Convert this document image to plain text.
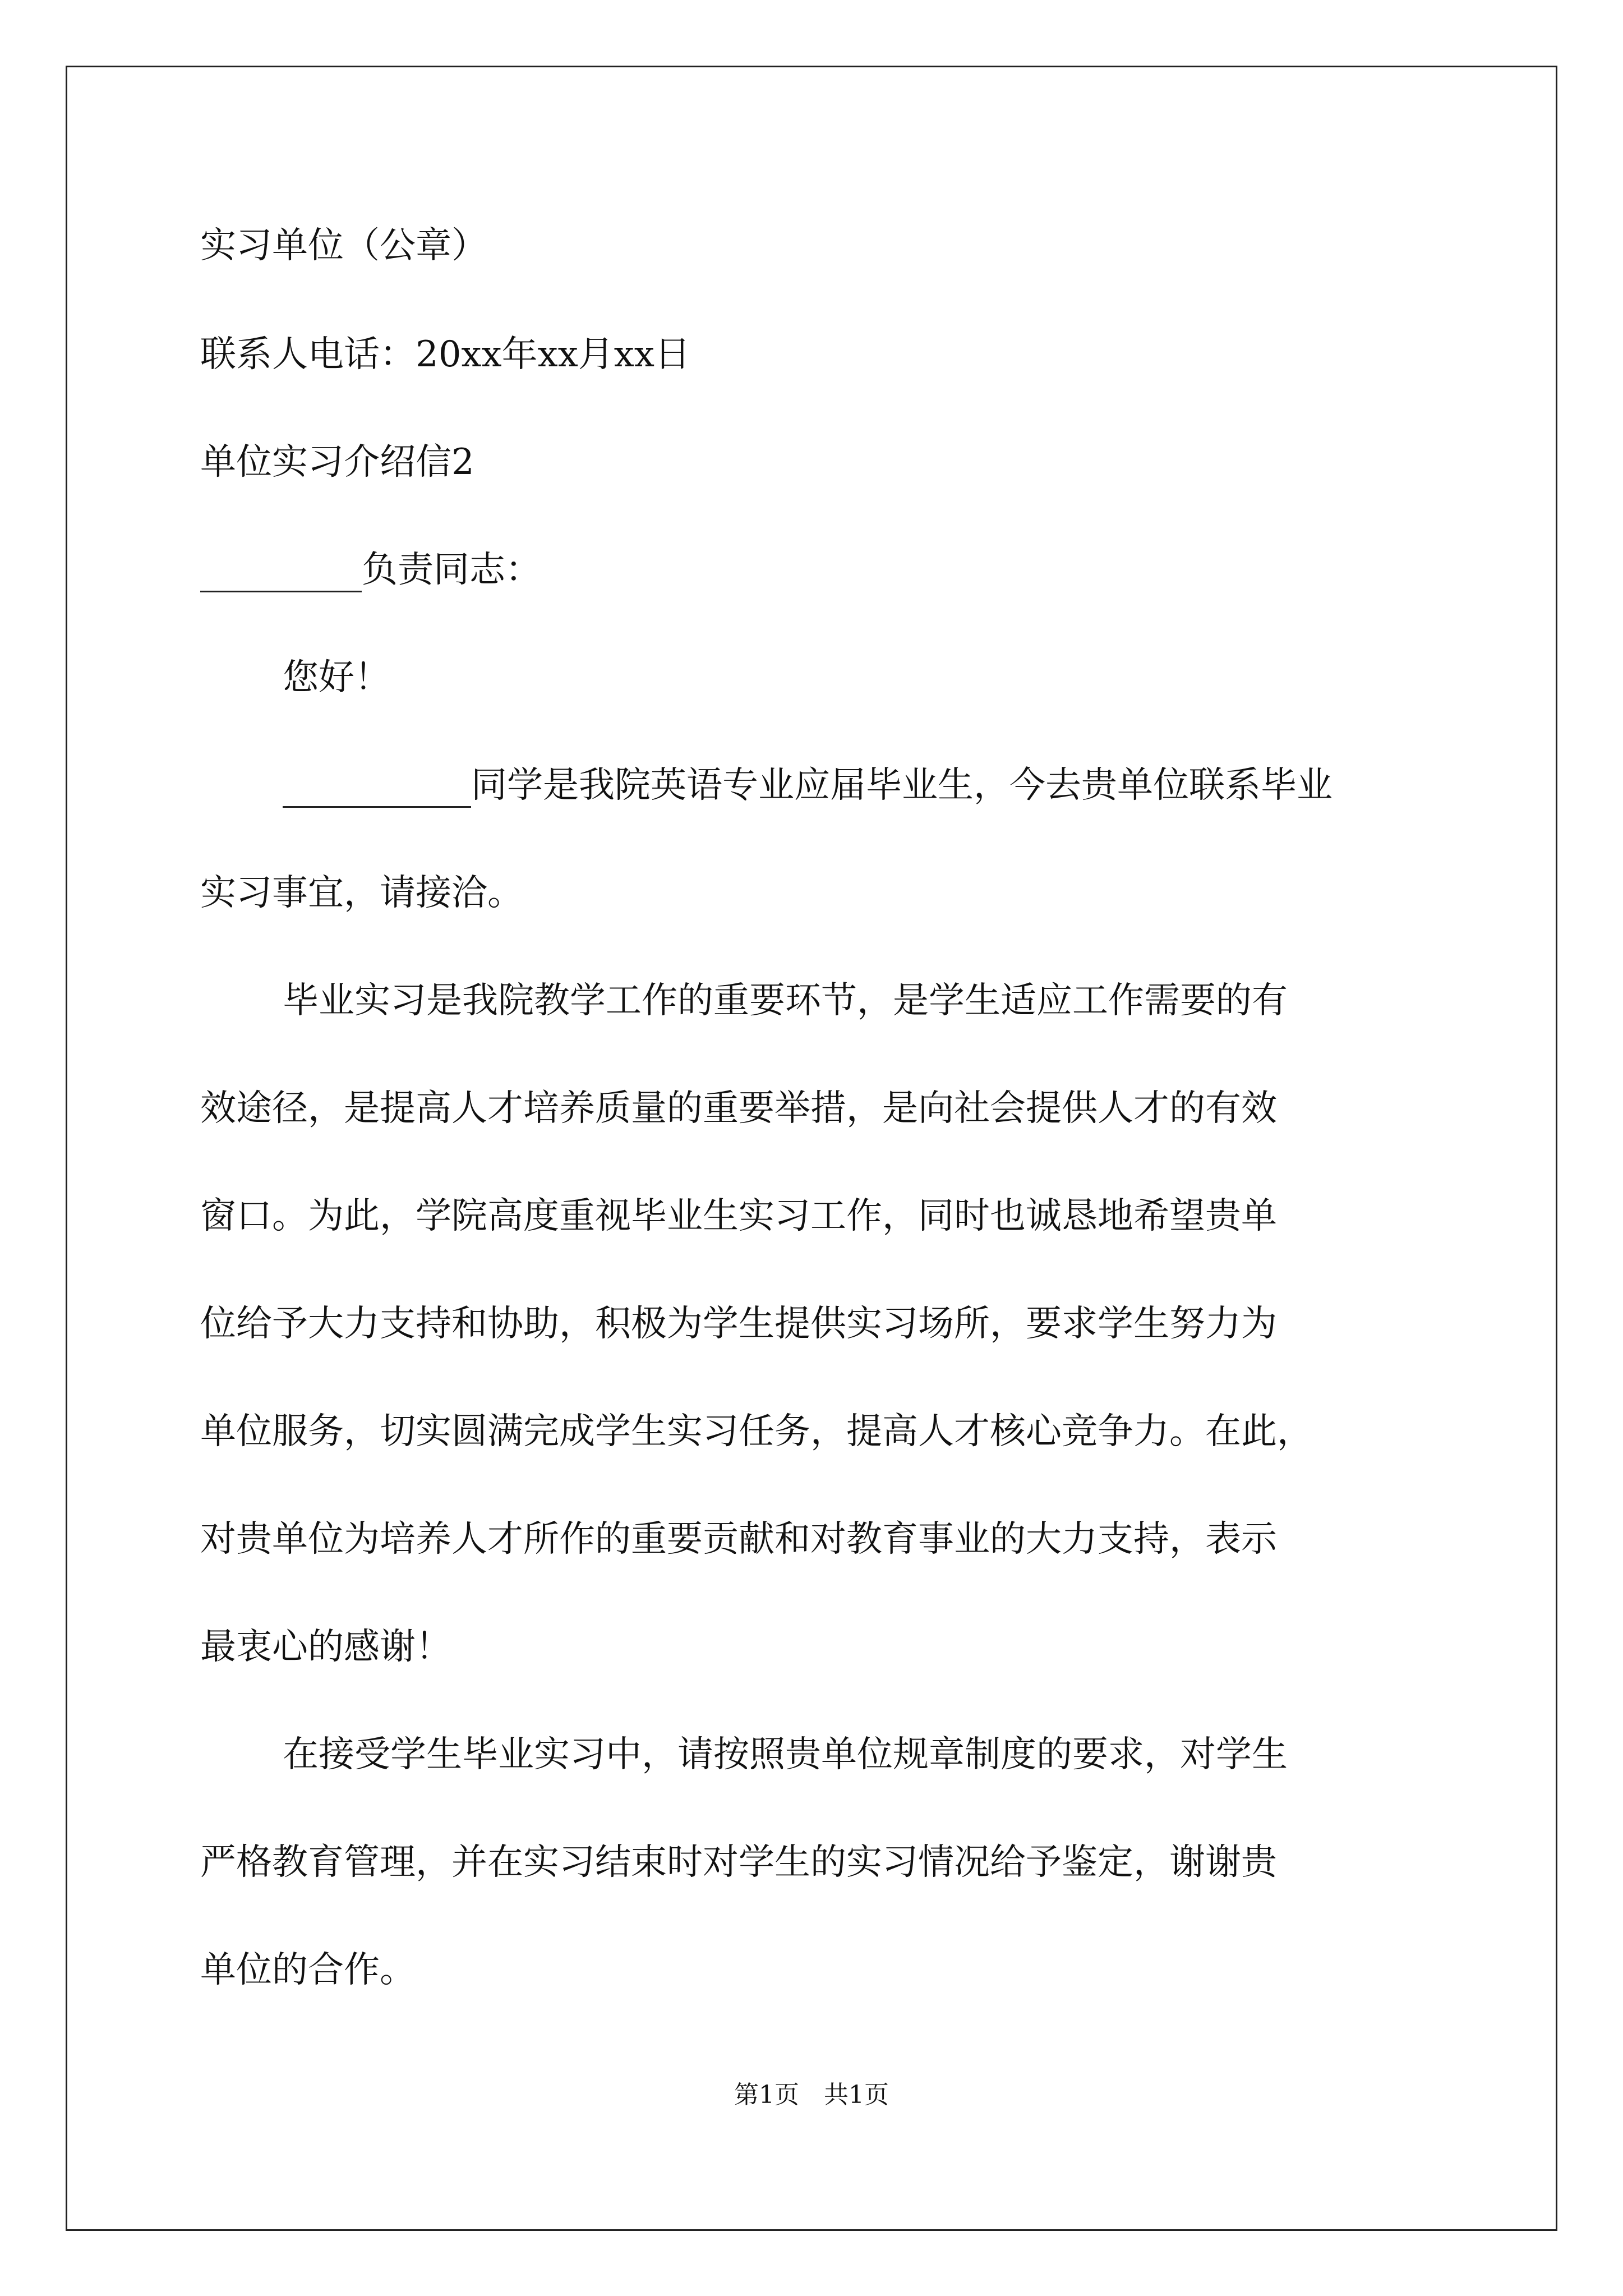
实习单位（公章）

联系人电话：20xx年xx月xx日

单位实习介绍信2

负责同志：

您好！

同学是我院英语专业应届毕业生，今去贵单位联系毕业

实习事宜，请接洽。

毕业实习是我院教学工作的重要环节，是学生适应工作需要的有

效途径，是提高人才培养质量的重要举措，是向社会提供人才的有效

窗口。为此，学院高度重视毕业生实习工作，同时也诚恳地希望贵单

位给予大力支持和协助，积极为学生提供实习场所，要求学生努力为

单位服务，切实圆满完成学生实习任务，提高人才核心竞争力。在此，

对贵单位为培养人才所作的重要贡献和对教育事业的大力支持，表示

最衷心的感谢！

在接受学生毕业实习中，请按照贵单位规章制度的要求，对学生

严格教育管理，并在实习结束时对学生的实习情况给予鉴定，谢谢贵

单位的合作。

第1页　共1页
